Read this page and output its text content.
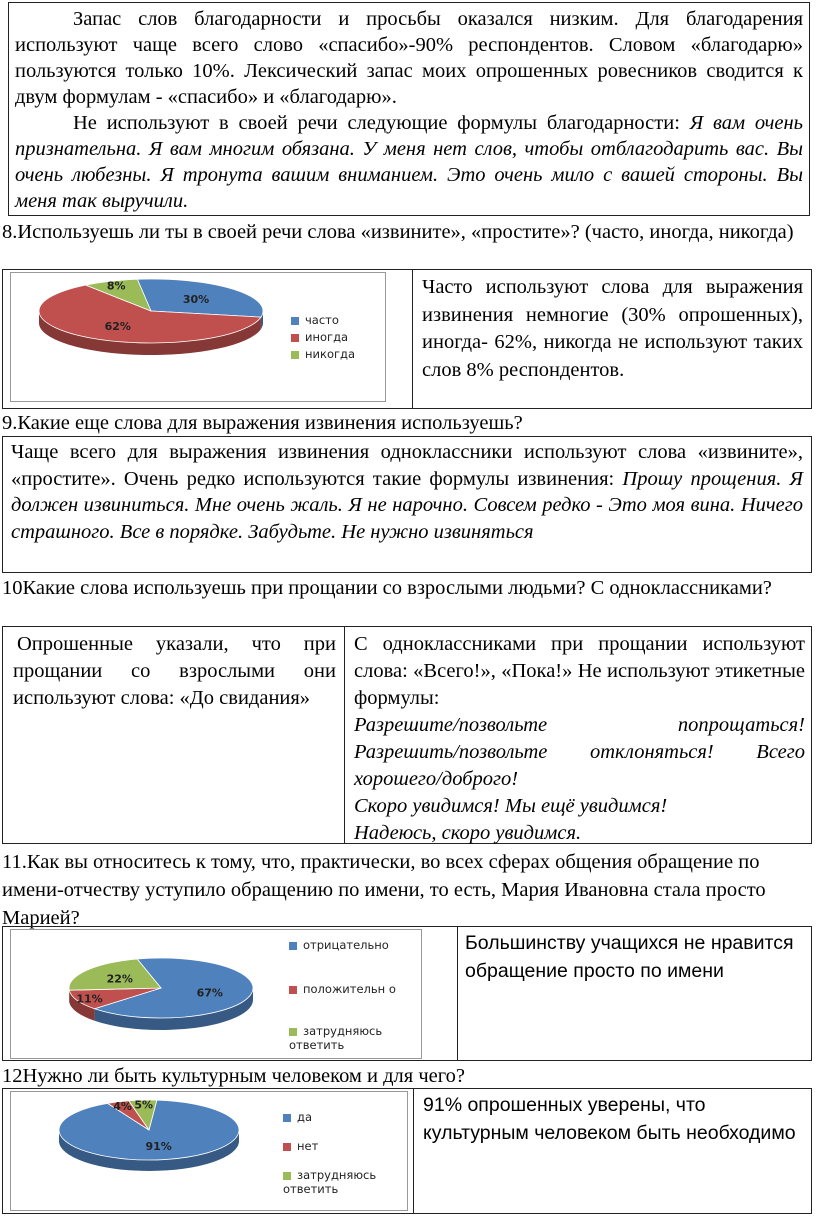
Запас слов благодарности и просьбы оказался низким. Для благодарения используют чаще всего слово «спасибо»-90% респондентов. Словом «благодарю» пользуются только 10%. Лексический запас моих опрошенных ровесников сводится к двум формулам - «спасибо» и «благодарю».

Не используют в своей речи следующие формулы благодарности: Я вам очень признательна. Я вам многим обязана. У меня нет слов, чтобы отблагодарить вас. Вы очень любезны. Я тронута вашим вниманием. Это очень мило с вашей стороны. Вы меня так выручили.

8.Используешь ли ты в своей речи слова «извините», «простите»? (часто, иногда, никогда)
30%
62%
8%
часто
иногда
никогда

Часто используют слова для выражения извинения немногие (30% опрошенных), иногда- 62%, никогда не используют таких слов 8% респондентов.

9.Какие еще слова для выражения извинения используешь?

Чаще всего для выражения извинения одноклассники используют слова «извините», «простите». Очень редко используются такие формулы извинения: Прошу прощения. Я должен извиниться. Мне очень жаль. Я не нарочно. Совсем редко - Это моя вина. Ничего страшного. Все в порядке. Забудьте. Не нужно извиняться

10Какие слова используешь при прощании со взрослыми людьми? С одноклассниками?

Опрошенные указали, что при прощании со взрослыми они используют слова: «До свидания»

С одноклассниками при прощании используют слова: «Всего!», «Пока!» Не используют этикетные формулы:

Разрешите/позвольте попрощаться!

Разрешить/позвольте отклоняться! Всего хорошего/доброго!

Скоро увидимся! Мы ещё увидимся!

Надеюсь, скоро увидимся.

11.Как вы относитесь к тому, что, практически, во всех сферах общения обращение по имени-отчеству уступило обращению по имени, то есть, Мария Ивановна стала просто Марией?
67%
11%
22%
отрицательно
положительн о
затрудняюсь ответить

Большинству учащихся не нравится обращение просто по имени

12Нужно ли быть культурным человеком и для чего?
91%
4% 5%
да
нет
затрудняюсь ответить

91% опрошенных уверены, что культурным человеком быть необходимо
